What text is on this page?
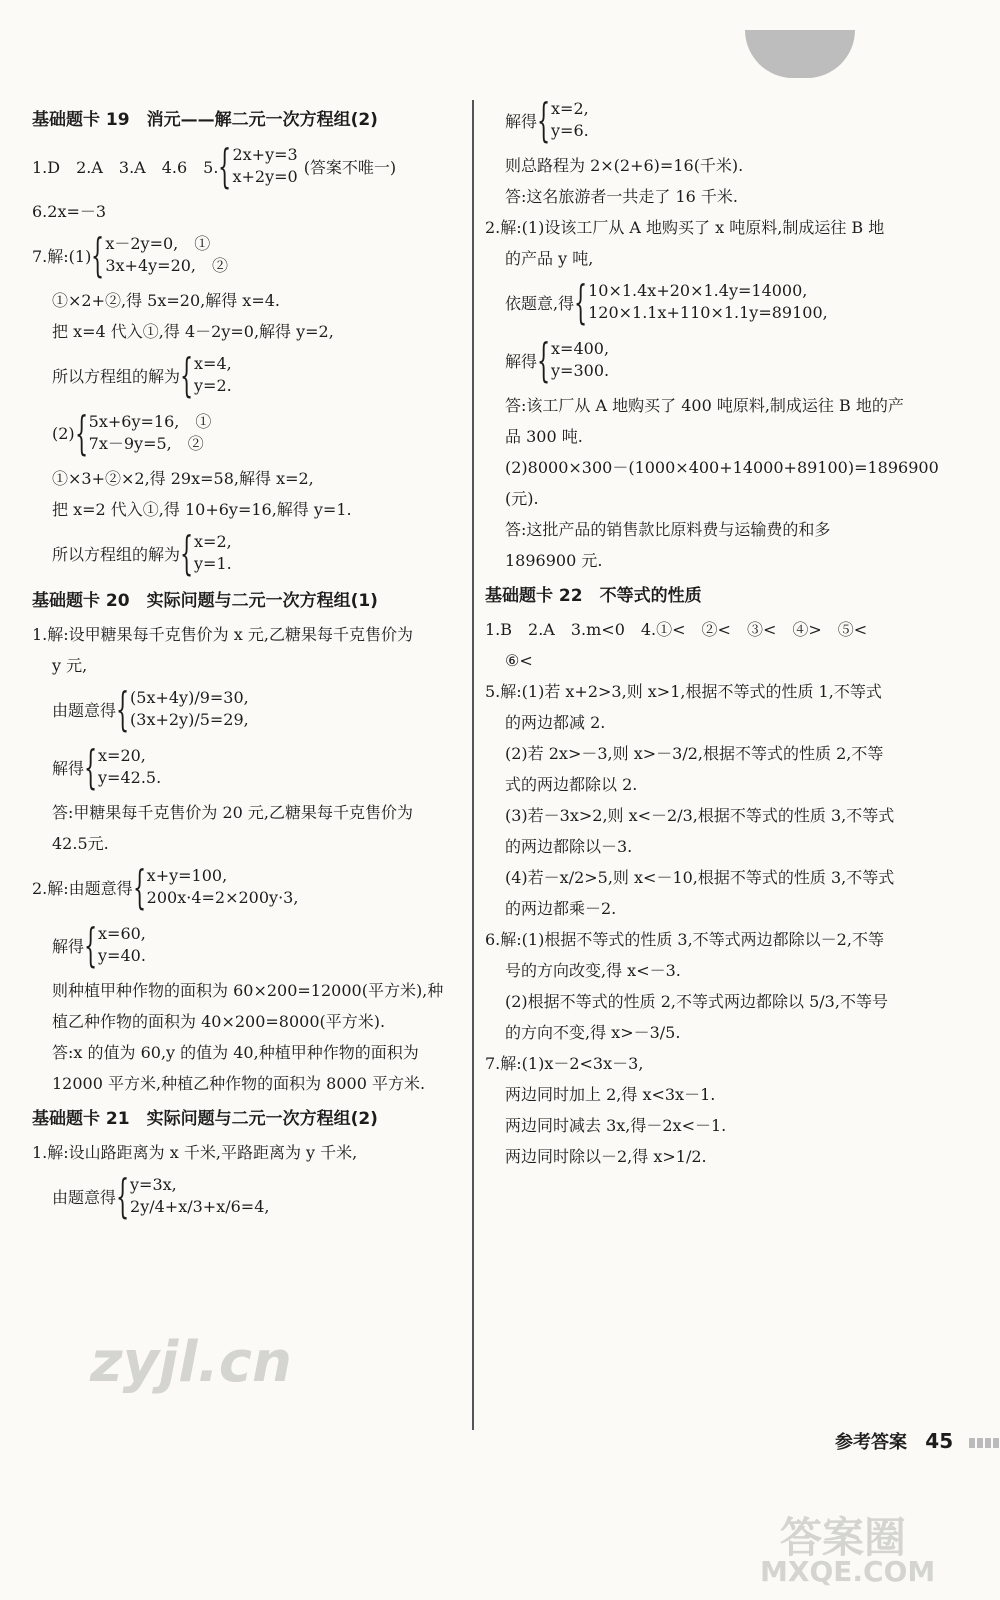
基础题卡 19　消元——解二元一次方程组(2)
1.D　2.A　3.A　4.6　5. { 2x+y=3
x+2y=0 (答案不唯一)
6.2x=－3
7.解:(1) { x－2y=0,　①
3x+4y=20,　②
①×2+②,得 5x=20,解得 x=4.
把 x=4 代入①,得 4－2y=0,解得 y=2,
所以方程组的解为 { x=4,
y=2.
(2) { 5x+6y=16,　①
7x－9y=5,　②
①×3+②×2,得 29x=58,解得 x=2,
把 x=2 代入①,得 10+6y=16,解得 y=1.
所以方程组的解为 { x=2,
y=1.
基础题卡 20　实际问题与二元一次方程组(1)
1.解:设甲糖果每千克售价为 x 元,乙糖果每千克售价为
y 元,
由题意得 { (5x+4y)/9=30,
(3x+2y)/5=29,
解得 { x=20,
y=42.5.
答:甲糖果每千克售价为 20 元,乙糖果每千克售价为
42.5元.
2.解:由题意得 { x+y=100,
200x·4=2×200y·3,
解得 { x=60,
y=40.
则种植甲种作物的面积为 60×200=12000(平方米),种
植乙种作物的面积为 40×200=8000(平方米).
答:x 的值为 60,y 的值为 40,种植甲种作物的面积为
12000 平方米,种植乙种作物的面积为 8000 平方米.
基础题卡 21　实际问题与二元一次方程组(2)
1.解:设山路距离为 x 千米,平路距离为 y 千米,
由题意得 { y=3x,
2y/4+x/3+x/6=4,
解得 { x=2,
y=6.
则总路程为 2×(2+6)=16(千米).
答:这名旅游者一共走了 16 千米.
2.解:(1)设该工厂从 A 地购买了 x 吨原料,制成运往 B 地
的产品 y 吨,
依题意,得 { 10×1.4x+20×1.4y=14000,
120×1.1x+110×1.1y=89100,
解得 { x=400,
y=300.
答:该工厂从 A 地购买了 400 吨原料,制成运往 B 地的产
品 300 吨.
(2)8000×300－(1000×400+14000+89100)=1896900
(元).
答:这批产品的销售款比原料费与运输费的和多
1896900 元.
基础题卡 22　不等式的性质
1.B　2.A　3.m<0　4.①<　②<　③<　④>　⑤<
⑥<
5.解:(1)若 x+2>3,则 x>1,根据不等式的性质 1,不等式
的两边都减 2.
(2)若 2x>－3,则 x>－3/2,根据不等式的性质 2,不等
式的两边都除以 2.
(3)若－3x>2,则 x<－2/3,根据不等式的性质 3,不等式
的两边都除以－3.
(4)若－x/2>5,则 x<－10,根据不等式的性质 3,不等式
的两边都乘－2.
6.解:(1)根据不等式的性质 3,不等式两边都除以－2,不等
号的方向改变,得 x<－3.
(2)根据不等式的性质 2,不等式两边都除以 5/3,不等号
的方向不变,得 x>－3/5.
7.解:(1)x－2<3x－3,
两边同时加上 2,得 x<3x－1.
两边同时减去 3x,得－2x<－1.
两边同时除以－2,得 x>1/2.
参考答案 45
zyjl.cn
答案圈
MXQE.COM
